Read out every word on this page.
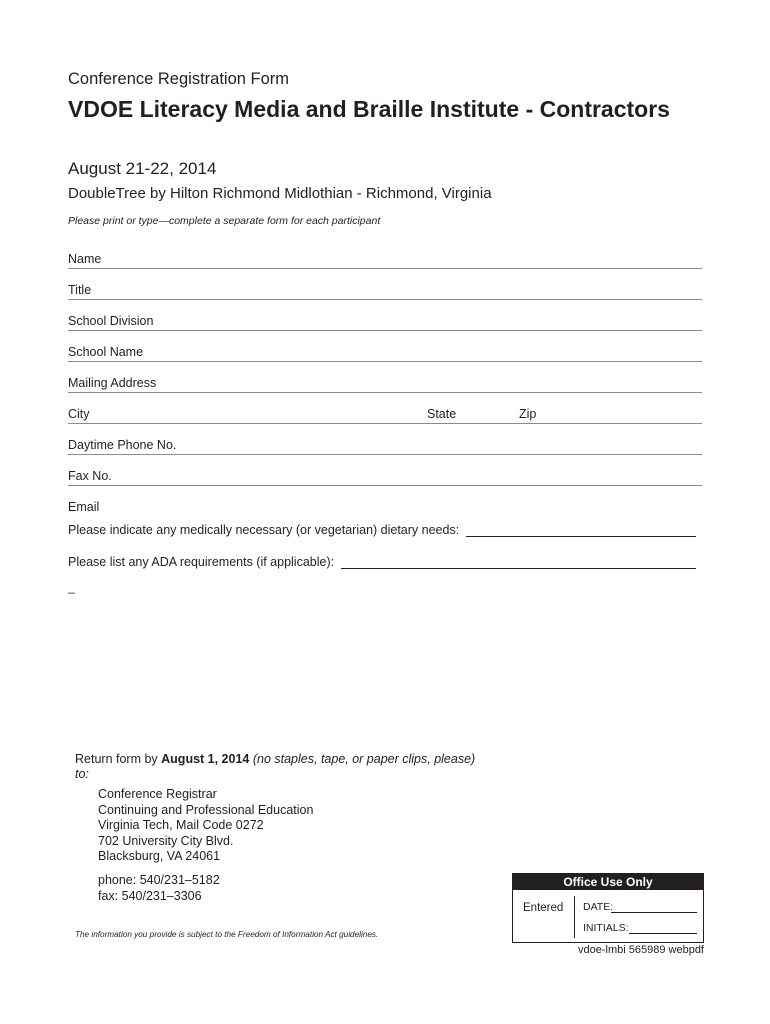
Conference Registration Form
VDOE Literacy Media and Braille Institute - Contractors
August 21-22, 2014
DoubleTree by Hilton Richmond Midlothian - Richmond, Virginia
Please print or type—complete a separate form for each participant
Name
Title
School Division
School Name
Mailing Address
City	State	Zip
Daytime Phone No.
Fax No.
Email
Please indicate any medically necessary (or vegetarian) dietary needs:
Please list any ADA requirements (if applicable):
_
Return form by August 1, 2014 (no staples, tape, or paper clips, please)
to:
Conference Registrar
Continuing and Professional Education
Virginia Tech, Mail Code 0272
702 University City Blvd.
Blacksburg, VA 24061
phone: 540/231–5182
fax: 540/231–3306
The information you provide is subject to the Freedom of Information Act guidelines.
Office Use Only
Entered DATE:
INITIALS:
vdoe-lmbi 565989 webpdf
